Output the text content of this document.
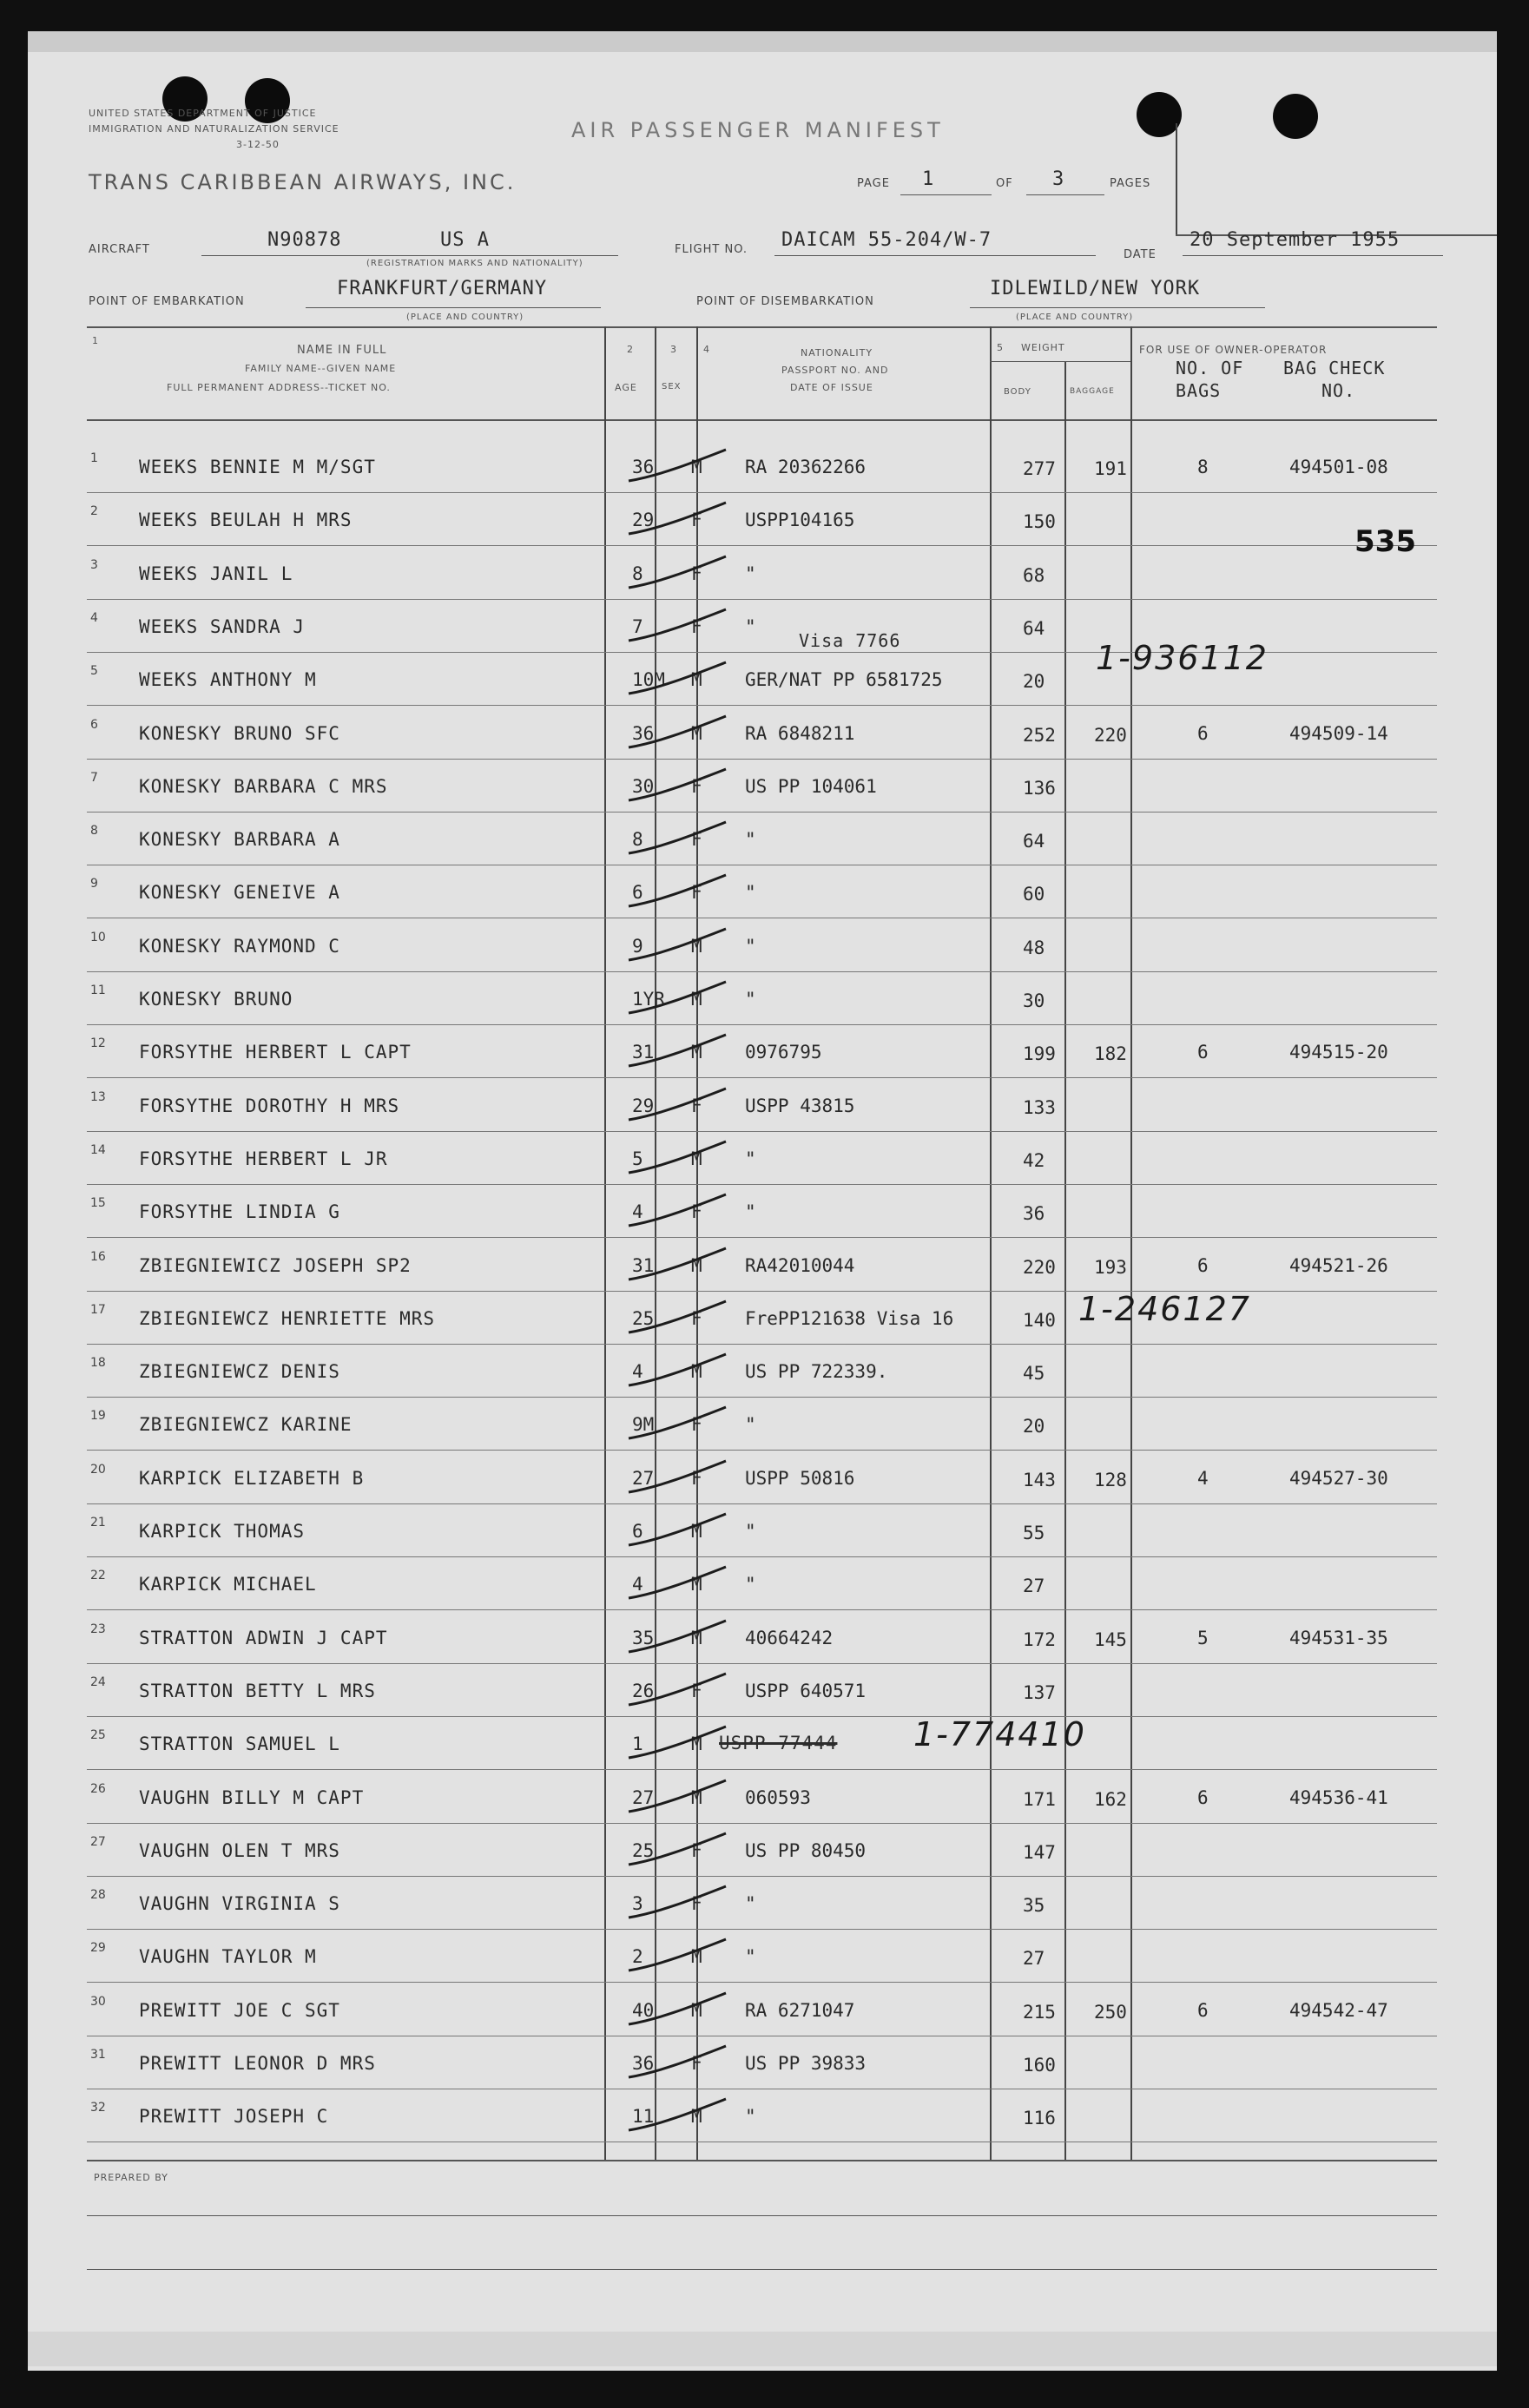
UNITED STATES DEPARTMENT OF JUSTICE
IMMIGRATION AND NATURALIZATION SERVICE
3-12-50
AIR PASSENGER MANIFEST
TRANS CARIBBEAN AIRWAYS, INC.	PAGE 1	OF 3	PAGES
AIRCRAFT	N90878	US A
(REGISTRATION MARKS AND NATIONALITY)
FLIGHT NO. DAICAM 55-204/W-7
DATE
20 September 1955
POINT OF EMBARKATION
FRANKFURT/GERMANY
(PLACE AND COUNTRY)
POINT OF DISEMBARKATION
IDLEWILD/NEW YORK
(PLACE AND COUNTRY)
1
NAME IN FULL
FAMILY NAME--GIVEN NAME
FULL PERMANENT ADDRESS--TICKET NO.
2
AGE
3
SEX
4	NATIONALITY
PASSPORT NO. AND
DATE OF ISSUE
5 WEIGHT
BODY	BAGGAGE
FOR USE OF OWNER-OPERATOR
NO. OF
BAGS
BAG CHECK
NO.
1 WEEKS BENNIE M M/SGT	36 M RA 20362266	277 191	8	494501-08
2 WEEKS BEULAH H MRS	29 F USPP104165	150
3 WEEKS JANIL L	8	F "	68
4 WEEKS SANDRA J	7	F "	64
5 WEEKS ANTHONY M	10M M GER/NAT PP 6581725	20
6 KONESKY BRUNO SFC	36 M RA 6848211	252 220	6	494509-14
7 KONESKY BARBARA C MRS	30 F US PP 104061	136
8 KONESKY BARBARA A	8	F "	64
9 KONESKY GENEIVE A	6	F "	60
10 KONESKY RAYMOND C	9	M "	48
11 KONESKY BRUNO	1YR M "	30
12 FORSYTHE HERBERT L CAPT	31 M 0976795	199 182	6	494515-20
13 FORSYTHE DOROTHY H MRS	29 F USPP 43815	133
14 FORSYTHE HERBERT L JR	5	M "	42
15 FORSYTHE LINDIA G	4	F "	36
16 ZBIEGNIEWICZ JOSEPH SP2	31 M RA42010044	220 193	6	494521-26
17 ZBIEGNIEWCZ HENRIETTE MRS	25 F FrePP121638 Visa 16	140
18 ZBIEGNIEWCZ DENIS	4	M US PP 722339.	45
19 ZBIEGNIEWCZ KARINE	9M F "	20
20 KARPICK ELIZABETH B	27 F USPP 50816	143 128	4	494527-30
21 KARPICK THOMAS	6	M "	55
22 KARPICK MICHAEL	4	M "	27
23 STRATTON ADWIN J CAPT	35 M 40664242	172 145	5	494531-35
24 STRATTON BETTY L MRS	26 F USPP 640571	137
25 STRATTON SAMUEL L	1	M
26 VAUGHN BILLY M CAPT	27 M 060593	171 162	6	494536-41
27 VAUGHN OLEN T MRS	25 F US PP 80450	147
28 VAUGHN VIRGINIA S	3	F "	35
29 VAUGHN TAYLOR M	2	M "	27
30 PREWITT JOE C SGT	40 M RA 6271047	215 250	6	494542-47
31 PREWITT LEONOR D MRS	36 F US PP 39833	160
32 PREWITT JOSEPH C	11 M "	116
535
Visa 7766	1-936112
1-246127
USPP 77444 1-774410
PREPARED BY
